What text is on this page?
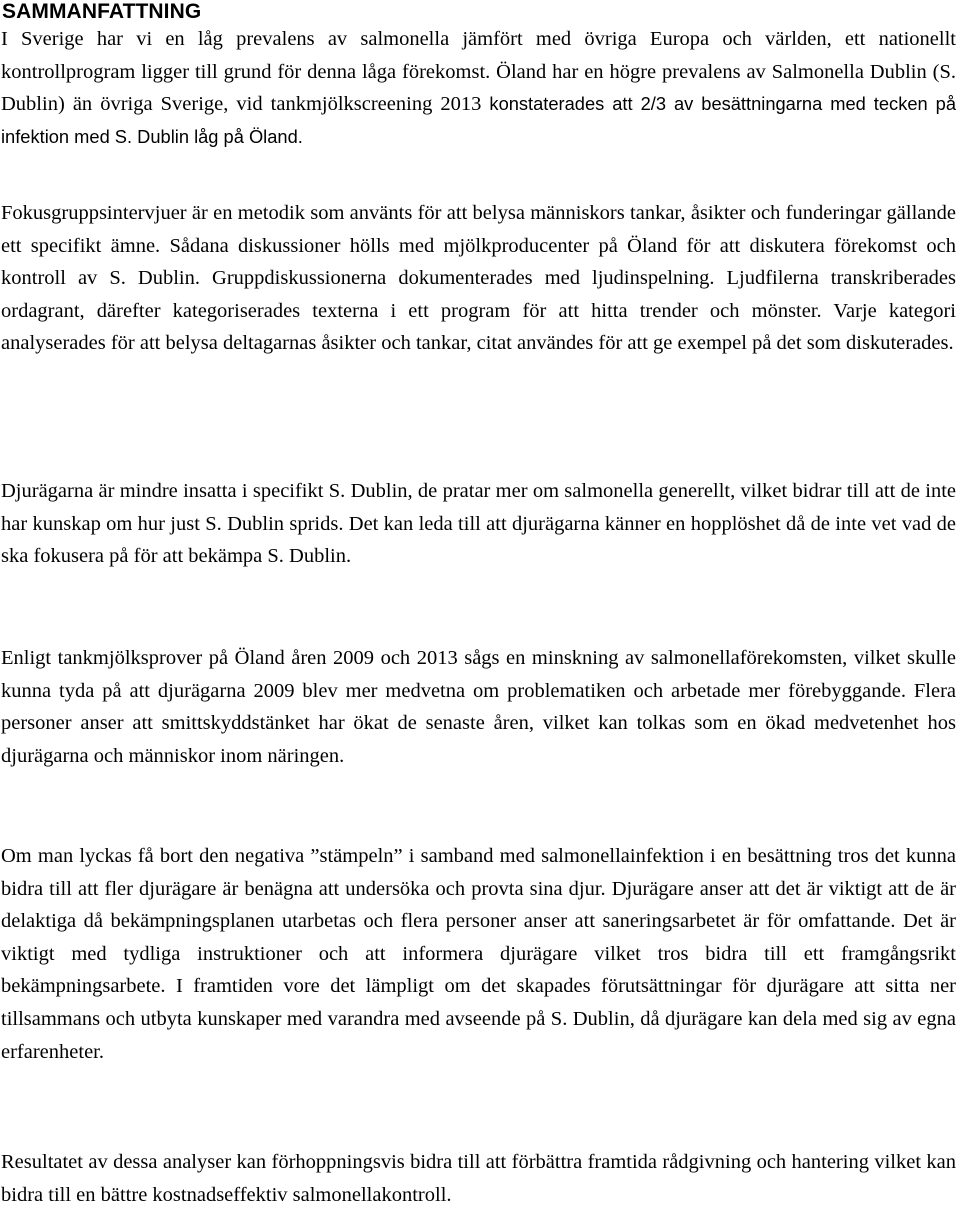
SAMMANFATTNING

I Sverige har vi en låg prevalens av salmonella jämfört med övriga Europa och världen, ett nationellt kontrollprogram ligger till grund för denna låga förekomst. Öland har en högre prevalens av Salmonella Dublin (S. Dublin) än övriga Sverige, vid tankmjölkscreening 2013 konstaterades att 2/3 av besättningarna med tecken på infektion med S. Dublin låg på Öland.

Fokusgruppsintervjuer är en metodik som använts för att belysa människors tankar, åsikter och funderingar gällande ett specifikt ämne. Sådana diskussioner hölls med mjölkproducenter på Öland för att diskutera förekomst och kontroll av S. Dublin. Gruppdiskussionerna dokumenterades med ljudinspelning. Ljudfilerna transkriberades ordagrant, därefter kategoriserades texterna i ett program för att hitta trender och mönster. Varje kategori analyserades för att belysa deltagarnas åsikter och tankar, citat användes för att ge exempel på det som diskuterades.

Djurägarna är mindre insatta i specifikt S. Dublin, de pratar mer om salmonella generellt, vilket bidrar till att de inte har kunskap om hur just S. Dublin sprids. Det kan leda till att djurägarna känner en hopplöshet då de inte vet vad de ska fokusera på för att bekämpa S. Dublin.

Enligt tankmjölksprover på Öland åren 2009 och 2013 sågs en minskning av salmonellaförekomsten, vilket skulle kunna tyda på att djurägarna 2009 blev mer medvetna om problematiken och arbetade mer förebyggande. Flera personer anser att smittskyddstänket har ökat de senaste åren, vilket kan tolkas som en ökad medvetenhet hos djurägarna och människor inom näringen.

Om man lyckas få bort den negativa ”stämpeln” i samband med salmonellainfektion i en besättning tros det kunna bidra till att fler djurägare är benägna att undersöka och provta sina djur. Djurägare anser att det är viktigt att de är delaktiga då bekämpningsplanen utarbetas och flera personer anser att saneringsarbetet är för omfattande. Det är viktigt med tydliga instruktioner och att informera djurägare vilket tros bidra till ett framgångsrikt bekämpningsarbete. I framtiden vore det lämpligt om det skapades förutsättningar för djurägare att sitta ner tillsammans och utbyta kunskaper med varandra med avseende på S. Dublin, då djurägare kan dela med sig av egna erfarenheter.

Resultatet av dessa analyser kan förhoppningsvis bidra till att förbättra framtida rådgivning och hantering vilket kan bidra till en bättre kostnadseffektiv salmonellakontroll.
